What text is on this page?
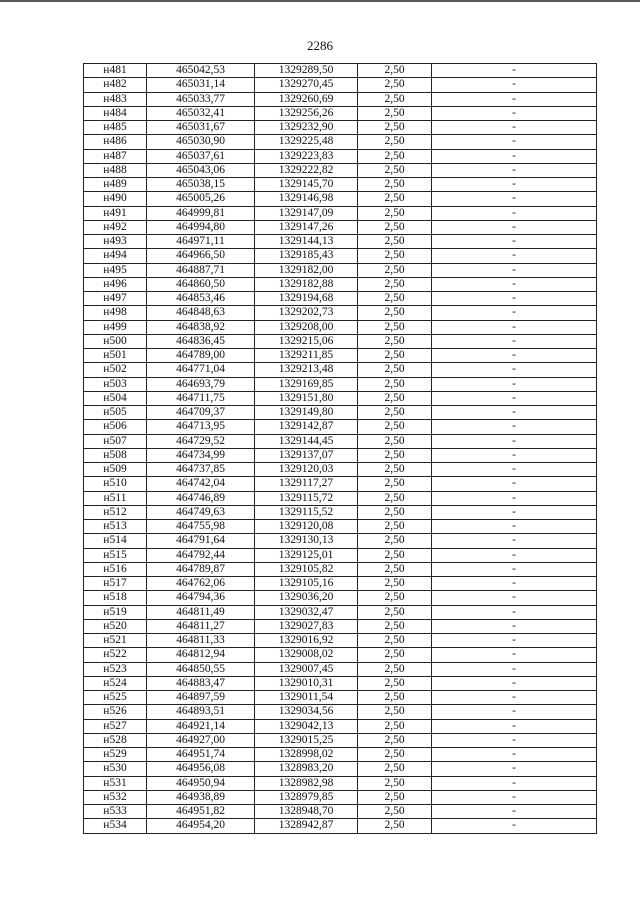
2286
н481	465042,53	1329289,50	2,50	-
н482	465031,14	1329270,45	2,50	-
н483	465033,77	1329260,69	2,50	-
н484	465032,41	1329256,26	2,50	-
н485	465031,67	1329232,90	2,50	-
н486	465030,90	1329225,48	2,50	-
н487	465037,61	1329223,83	2,50	-
н488	465043,06	1329222,82	2,50	-
н489	465038,15	1329145,70	2,50	-
н490	465005,26	1329146,98	2,50	-
н491	464999,81	1329147,09	2,50	-
н492	464994,80	1329147,26	2,50	-
н493	464971,11	1329144,13	2,50	-
н494	464966,50	1329185,43	2,50	-
н495	464887,71	1329182,00	2,50	-
н496	464860,50	1329182,88	2,50	-
н497	464853,46	1329194,68	2,50	-
н498	464848,63	1329202,73	2,50	-
н499	464838,92	1329208,00	2,50	-
н500	464836,45	1329215,06	2,50	-
н501	464789,00	1329211,85	2,50	-
н502	464771,04	1329213,48	2,50	-
н503	464693,79	1329169,85	2,50	-
н504	464711,75	1329151,80	2,50	-
н505	464709,37	1329149,80	2,50	-
н506	464713,95	1329142,87	2,50	-
н507	464729,52	1329144,45	2,50	-
н508	464734,99	1329137,07	2,50	-
н509	464737,85	1329120,03	2,50	-
н510	464742,04	1329117,27	2,50	-
н511	464746,89	1329115,72	2,50	-
н512	464749,63	1329115,52	2,50	-
н513	464755,98	1329120,08	2,50	-
н514	464791,64	1329130,13	2,50	-
н515	464792,44	1329125,01	2,50	-
н516	464789,87	1329105,82	2,50	-
н517	464762,06	1329105,16	2,50	-
н518	464794,36	1329036,20	2,50	-
н519	464811,49	1329032,47	2,50	-
н520	464811,27	1329027,83	2,50	-
н521	464811,33	1329016,92	2,50	-
н522	464812,94	1329008,02	2,50	-
н523	464850,55	1329007,45	2,50	-
н524	464883,47	1329010,31	2,50	-
н525	464897,59	1329011,54	2,50	-
н526	464893,51	1329034,56	2,50	-
н527	464921,14	1329042,13	2,50	-
н528	464927,00	1329015,25	2,50	-
н529	464951,74	1328998,02	2,50	-
н530	464956,08	1328983,20	2,50	-
н531	464950,94	1328982,98	2,50	-
н532	464938,89	1328979,85	2,50	-
н533	464951,82	1328948,70	2,50	-
н534	464954,20	1328942,87	2,50	-
